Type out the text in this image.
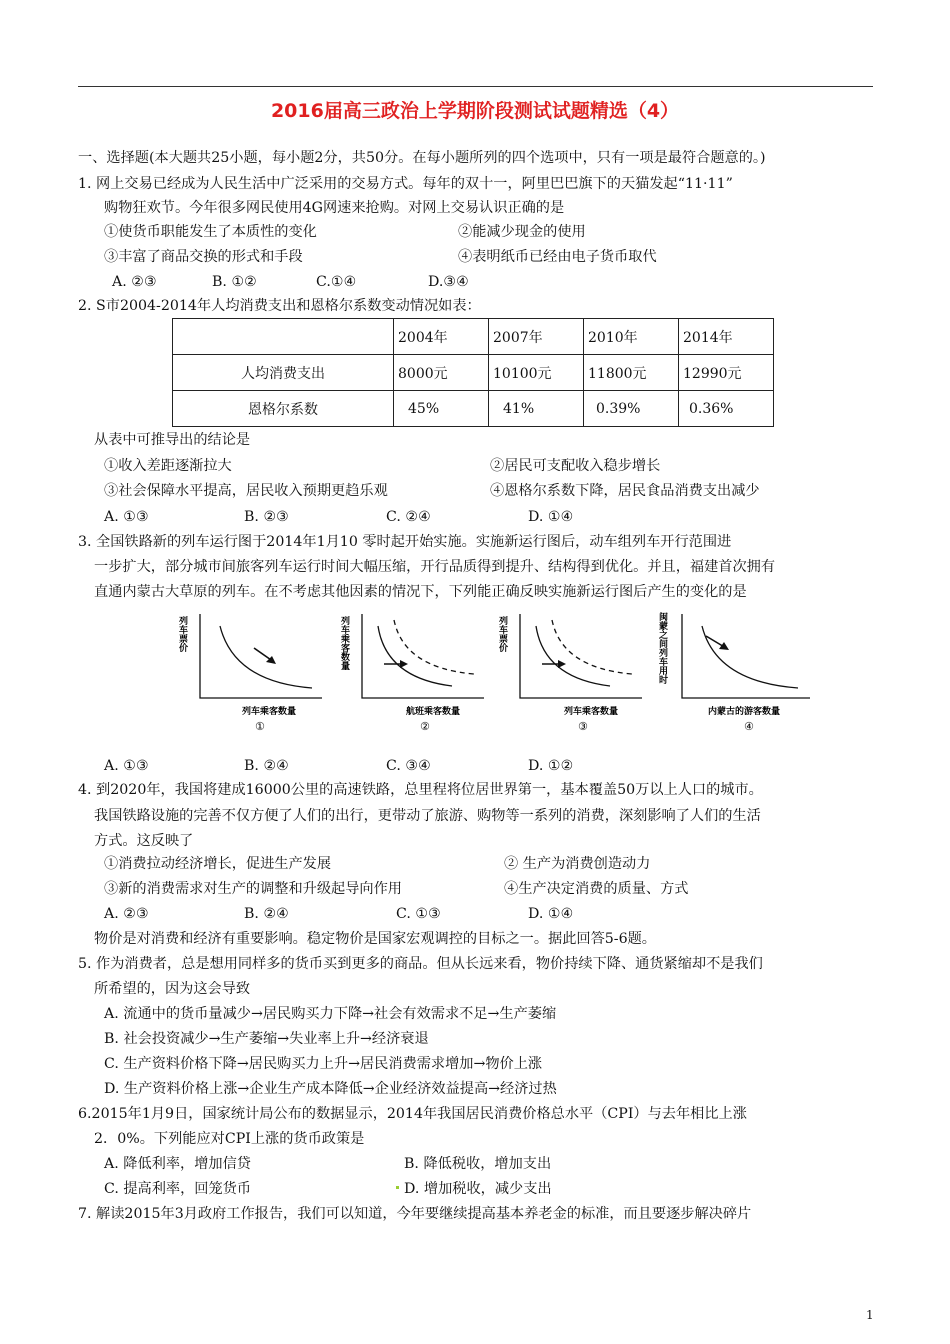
2016届高三政治上学期阶段测试试题精选（4）
一、选择题(本大题共25小题，每小题2分，共50分。在每小题所列的四个选项中，只有一项是最符合题意的。)
1. 网上交易已经成为人民生活中广泛采用的交易方式。每年的双十一，阿里巴巴旗下的天猫发起“11·11”
购物狂欢节。今年很多网民使用4G网速来抢购。对网上交易认识正确的是
①使货币职能发生了本质性的变化	②能减少现金的使用
③丰富了商品交换的形式和手段	④表明纸币已经由电子货币取代
A. ②③	B. ①②	C.①④	D.③④
2. S市2004-2014年人均消费支出和恩格尔系数变动情况如表：
	2004年	2007年	2010年	2014年
人均消费支出	8000元	10100元	11800元	12990元
恩格尔系数	45%	41%	0.39%	0.36%
从表中可推导出的结论是
①收入差距逐渐拉大	②居民可支配收入稳步增长
③社会保障水平提高，居民收入预期更趋乐观	④恩格尔系数下降，居民食品消费支出减少
A. ①③	B. ②③	C. ②④	D. ①④
3. 全国铁路新的列车运行图于2014年1月10 零时起开始实施。实施新运行图后，动车组列车开行范围进
一步扩大，部分城市间旅客列车运行时间大幅压缩，开行品质得到提升、结构得到优化。并且，福建首次拥有
直通内蒙古大草原的列车。在不考虑其他因素的情况下，下列能正确反映实施新运行图后产生的变化的是
列车票价
列车乘客数量
①
列车乘客数量
航班乘客数量
②
列车票价
列车乘客数量
③
闽蒙之间列车用时
内蒙古的游客数量
④
A. ①③	B. ②④	C. ③④	D. ①②
4. 到2020年，我国将建成16000公里的高速铁路，总里程将位居世界第一，基本覆盖50万以上人口的城市。
我国铁路设施的完善不仅方便了人们的出行，更带动了旅游、购物等一系列的消费，深刻影响了人们的生活
方式。这反映了
①消费拉动经济增长，促进生产发展	② 生产为消费创造动力
③新的消费需求对生产的调整和升级起导向作用	④生产决定消费的质量、方式
A. ②③	B. ②④	C. ①③	D. ①④
物价是对消费和经济有重要影响。稳定物价是国家宏观调控的目标之一。据此回答5-6题。
5. 作为消费者，总是想用同样多的货币买到更多的商品。但从长远来看，物价持续下降、通货紧缩却不是我们
所希望的，因为这会导致
A. 流通中的货币量减少→居民购买力下降→社会有效需求不足→生产萎缩
B. 社会投资减少→生产萎缩→失业率上升→经济衰退
C. 生产资料价格下降→居民购买力上升→居民消费需求增加→物价上涨
D. 生产资料价格上涨→企业生产成本降低→企业经济效益提高→经济过热
6.2015年1月9日，国家统计局公布的数据显示，2014年我国居民消费价格总水平（CPI）与去年相比上涨
2．0%。下列能应对CPI上涨的货币政策是
A. 降低利率，增加信贷	B. 降低税收，增加支出
C. 提高利率，回笼货币	D. 增加税收，减少支出
7. 解读2015年3月政府工作报告，我们可以知道，今年要继续提高基本养老金的标准，而且要逐步解决碎片
1
